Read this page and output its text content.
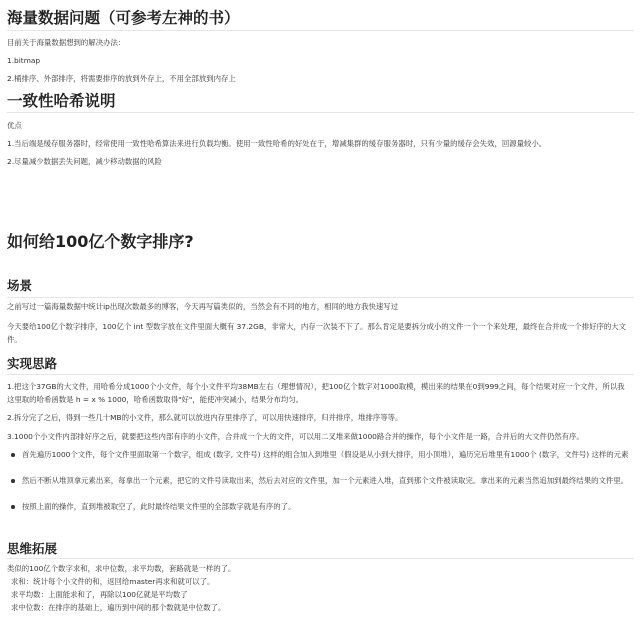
海量数据问题（可参考左神的书）
目前关于海量数据想到的解决办法：
1.bitmap
2.桶排序、外部排序，将需要排序的放到外存上，不用全部放到内存上
一致性哈希说明
优点
1.当后端是缓存服务器时，经常使用一致性哈希算法来进行负载均衡。使用一致性哈希的好处在于，增减集群的缓存服务器时，只有少量的缓存会失效，回源量较小。
2.尽量减少数据丢失问题，减少移动数据的风险
如何给100亿个数字排序?
场景
之前写过一篇海量数据中统计ip出现次数最多的博客，今天再写篇类似的，当然会有不同的地方，相同的地方我快速写过
今天要给100亿个数字排序，100亿个 int 型数字放在文件里面大概有 37.2GB，非常大，内存一次装不下了。那么肯定是要拆分成小的文件一个一个来处理，最终在合并成一个排好序的大文件。
实现思路
1.把这个37GB的大文件，用哈希分成1000个小文件，每个小文件平均38MB左右（理想情况），把100亿个数字对1000取模，模出来的结果在0到999之间，每个结果对应一个文件，所以我这里取的哈希函数是 h = x % 1000，哈希函数取得"好"，能使冲突减小，结果分布均匀。
2.拆分完了之后，得到一些几十MB的小文件，那么就可以放进内存里排序了，可以用快速排序，归并排序，堆排序等等。
3.1000个小文件内部排好序之后，就要把这些内部有序的小文件，合并成一个大的文件，可以用二叉堆来做1000路合并的操作，每个小文件是一路，合并后的大文件仍然有序。
首先遍历1000个文件，每个文件里面取第一个数字，组成 (数字, 文件号) 这样的组合加入到堆里（假设是从小到大排序，用小顶堆），遍历完后堆里有1000个 (数字，文件号) 这样的元素
然后不断从堆顶拿元素出来，每拿出一个元素，把它的文件号读取出来，然后去对应的文件里，加一个元素进入堆，直到那个文件被读取完。拿出来的元素当然追加到最终结果的文件里。
按照上面的操作，直到堆被取空了，此时最终结果文件里的全部数字就是有序的了。
思维拓展
类似的100亿个数字求和，求中位数，求平均数，套路就是一样的了。
求和：统计每个小文件的和，返回给master再求和就可以了。
求平均数：上面能求和了，再除以100亿就是平均数了
求中位数：在排序的基础上，遍历到中间的那个数就是中位数了。
